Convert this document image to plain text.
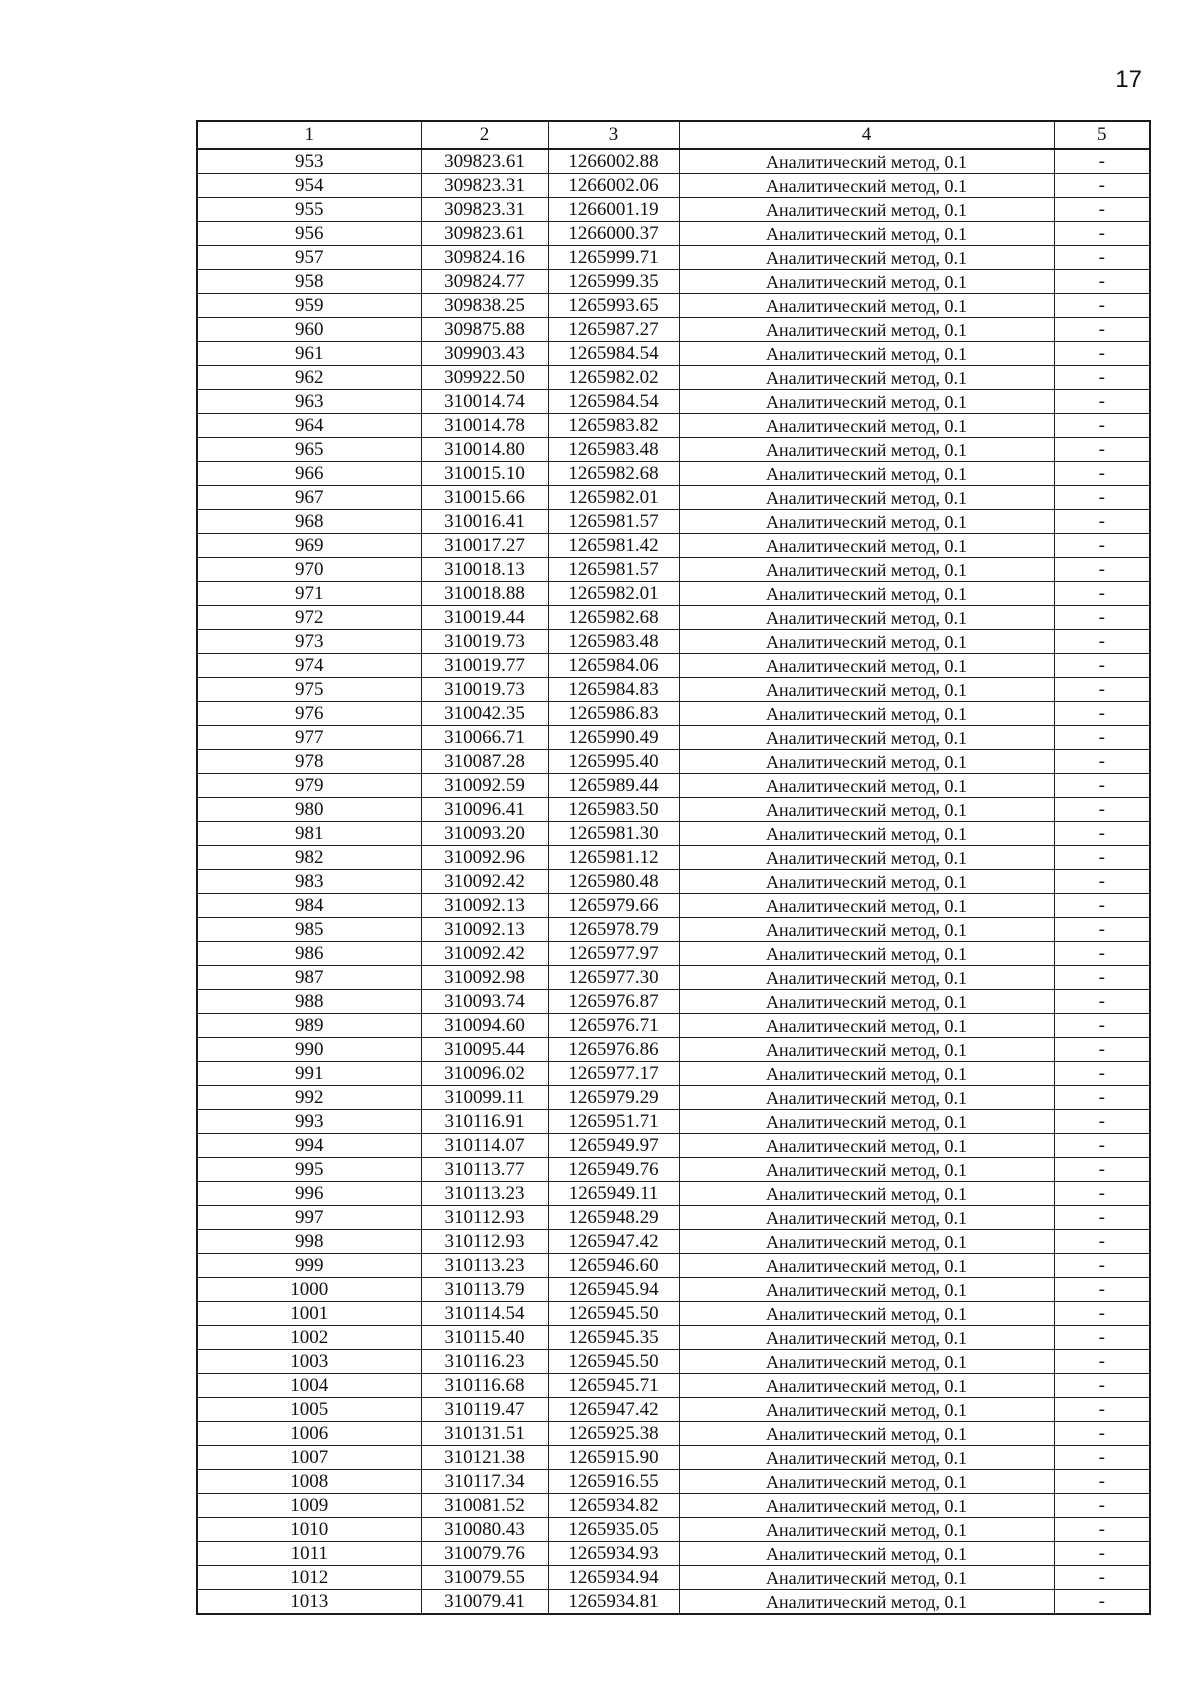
17
1	2	3	4	5
953	309823.61	1266002.88	Аналитический метод, 0.1	-
954	309823.31	1266002.06	Аналитический метод, 0.1	-
955	309823.31	1266001.19	Аналитический метод, 0.1	-
956	309823.61	1266000.37	Аналитический метод, 0.1	-
957	309824.16	1265999.71	Аналитический метод, 0.1	-
958	309824.77	1265999.35	Аналитический метод, 0.1	-
959	309838.25	1265993.65	Аналитический метод, 0.1	-
960	309875.88	1265987.27	Аналитический метод, 0.1	-
961	309903.43	1265984.54	Аналитический метод, 0.1	-
962	309922.50	1265982.02	Аналитический метод, 0.1	-
963	310014.74	1265984.54	Аналитический метод, 0.1	-
964	310014.78	1265983.82	Аналитический метод, 0.1	-
965	310014.80	1265983.48	Аналитический метод, 0.1	-
966	310015.10	1265982.68	Аналитический метод, 0.1	-
967	310015.66	1265982.01	Аналитический метод, 0.1	-
968	310016.41	1265981.57	Аналитический метод, 0.1	-
969	310017.27	1265981.42	Аналитический метод, 0.1	-
970	310018.13	1265981.57	Аналитический метод, 0.1	-
971	310018.88	1265982.01	Аналитический метод, 0.1	-
972	310019.44	1265982.68	Аналитический метод, 0.1	-
973	310019.73	1265983.48	Аналитический метод, 0.1	-
974	310019.77	1265984.06	Аналитический метод, 0.1	-
975	310019.73	1265984.83	Аналитический метод, 0.1	-
976	310042.35	1265986.83	Аналитический метод, 0.1	-
977	310066.71	1265990.49	Аналитический метод, 0.1	-
978	310087.28	1265995.40	Аналитический метод, 0.1	-
979	310092.59	1265989.44	Аналитический метод, 0.1	-
980	310096.41	1265983.50	Аналитический метод, 0.1	-
981	310093.20	1265981.30	Аналитический метод, 0.1	-
982	310092.96	1265981.12	Аналитический метод, 0.1	-
983	310092.42	1265980.48	Аналитический метод, 0.1	-
984	310092.13	1265979.66	Аналитический метод, 0.1	-
985	310092.13	1265978.79	Аналитический метод, 0.1	-
986	310092.42	1265977.97	Аналитический метод, 0.1	-
987	310092.98	1265977.30	Аналитический метод, 0.1	-
988	310093.74	1265976.87	Аналитический метод, 0.1	-
989	310094.60	1265976.71	Аналитический метод, 0.1	-
990	310095.44	1265976.86	Аналитический метод, 0.1	-
991	310096.02	1265977.17	Аналитический метод, 0.1	-
992	310099.11	1265979.29	Аналитический метод, 0.1	-
993	310116.91	1265951.71	Аналитический метод, 0.1	-
994	310114.07	1265949.97	Аналитический метод, 0.1	-
995	310113.77	1265949.76	Аналитический метод, 0.1	-
996	310113.23	1265949.11	Аналитический метод, 0.1	-
997	310112.93	1265948.29	Аналитический метод, 0.1	-
998	310112.93	1265947.42	Аналитический метод, 0.1	-
999	310113.23	1265946.60	Аналитический метод, 0.1	-
1000	310113.79	1265945.94	Аналитический метод, 0.1	-
1001	310114.54	1265945.50	Аналитический метод, 0.1	-
1002	310115.40	1265945.35	Аналитический метод, 0.1	-
1003	310116.23	1265945.50	Аналитический метод, 0.1	-
1004	310116.68	1265945.71	Аналитический метод, 0.1	-
1005	310119.47	1265947.42	Аналитический метод, 0.1	-
1006	310131.51	1265925.38	Аналитический метод, 0.1	-
1007	310121.38	1265915.90	Аналитический метод, 0.1	-
1008	310117.34	1265916.55	Аналитический метод, 0.1	-
1009	310081.52	1265934.82	Аналитический метод, 0.1	-
1010	310080.43	1265935.05	Аналитический метод, 0.1	-
1011	310079.76	1265934.93	Аналитический метод, 0.1	-
1012	310079.55	1265934.94	Аналитический метод, 0.1	-
1013	310079.41	1265934.81	Аналитический метод, 0.1	-
